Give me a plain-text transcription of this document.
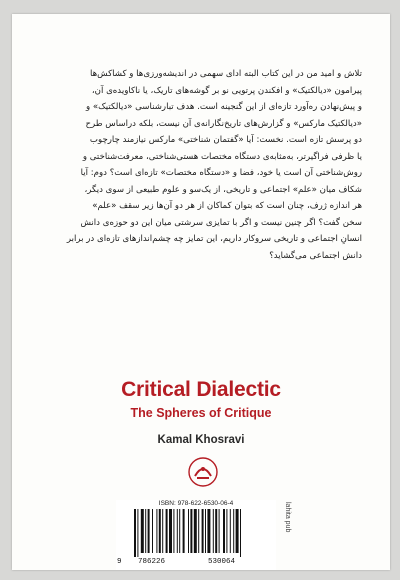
تلاش و امید من در این کتاب البته ادای سهمی در اندیشه‌ورزی‌ها و کشاکش‌ها
پیرامون «دیالکتیک» و افکندن پرتویی نو بر گوشه‌های تاریک، یا ناکاویده‌ی آن،
و پیش‌نهادن ره‌آورد تازه‌ای از این گنجینه است. هدف تبارشناسی «دیالکتیک» و
«دیالکتیک مارکس» و گزارش‌های تاریخ‌نگارانه‌ی آن نیست، بلکه دراساس طرح
دو پرسش تازه است. نخست: آیا «گفتمان شناختی» مارکس نیازمند چارچوب
یا ظرفی فراگیرتر، به‌مثابه‌ی دستگاه مختصات هستی‌شناختی، معرفت‌شناختی و
روش‌شناختی آن است یا خود، فضا و «دستگاه مختصات» تازه‌ای است؟ دوم: آیا
شکاف میان «علم» اجتماعی و تاریخی، از یک‌سو و علوم طبیعی از سوی دیگر،
هر اندازه ژرف، چنان است که بتوان کماکان از هر دو آن‌ها زیر سقف «علم»
سخن گفت؟ اگر چنین نیست و اگر با تمایزی سرشتی میان این دو حوزه‌ی دانش
انسانِ اجتماعی و تاریخی سروکار داریم، این تمایز چه چشم‌اندازهای تازه‌ای در برابر
دانش اجتماعی می‌گشاید؟
Critical Dialectic
The Spheres of Critique
Kamal Khosravi
ISBN: 978-622-6530-06-4
9 786226	530064
lahita pub
